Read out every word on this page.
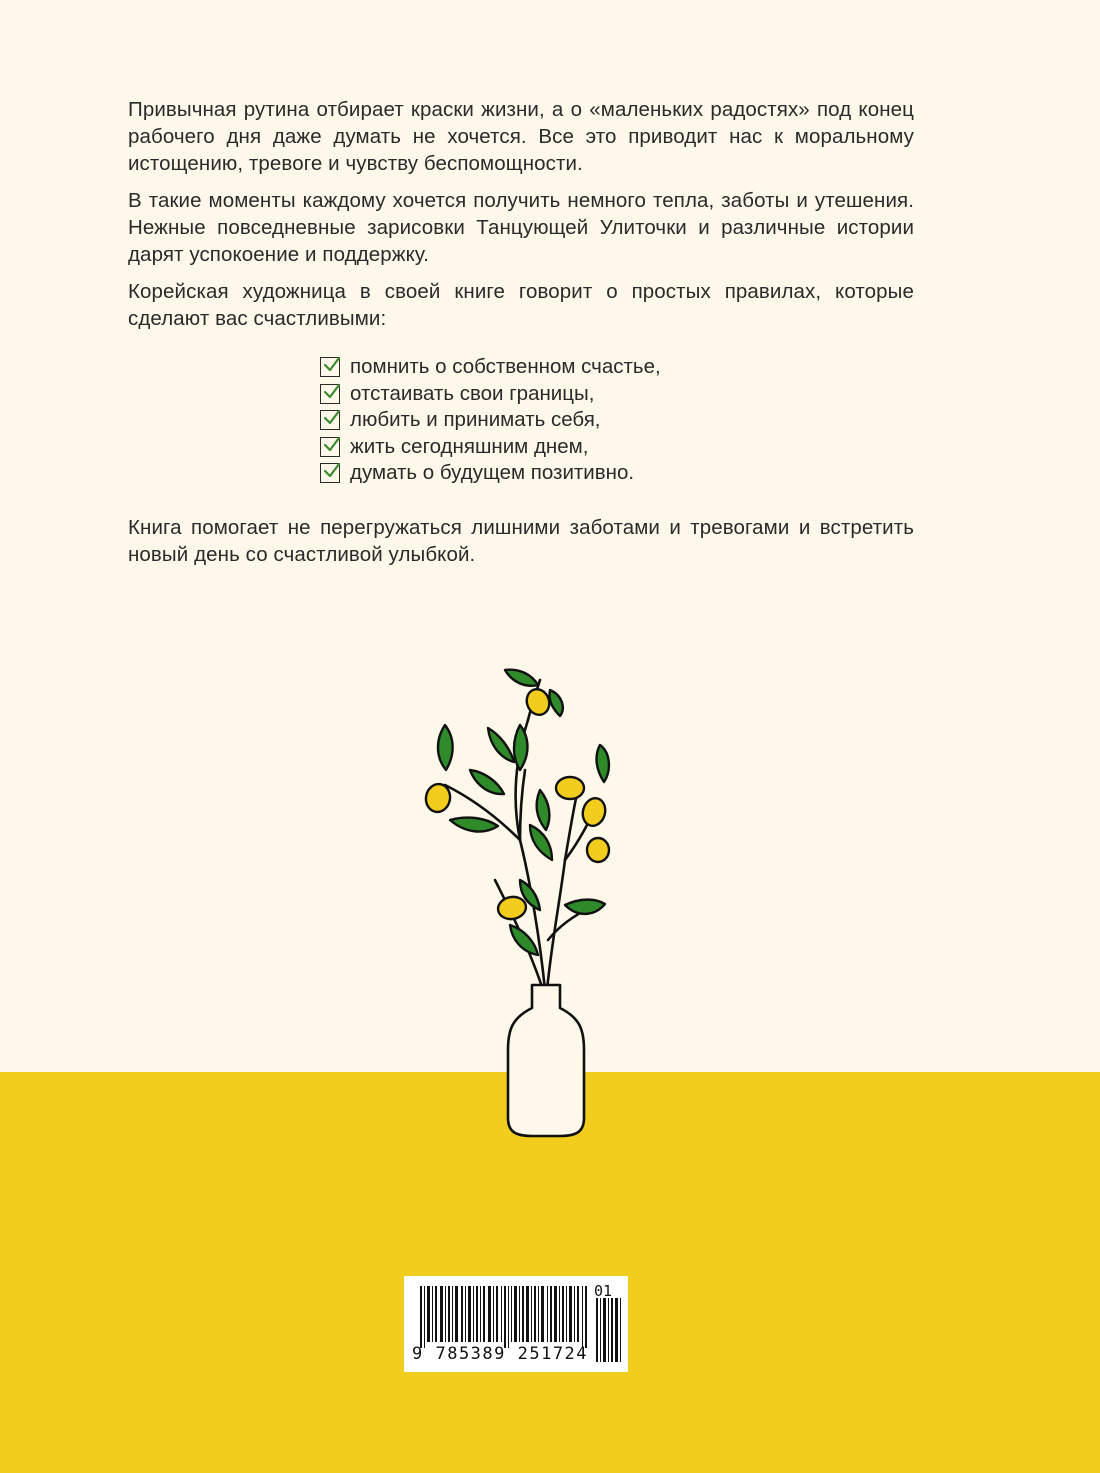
Привычная рутина отбирает краски жизни, а о «маленьких радостях» под конец рабочего дня даже думать не хочется. Все это приводит нас к моральному истощению, тревоге и чувству беспомощности.

В такие моменты каждому хочется получить немного тепла, заботы и утешения. Нежные повседневные зарисовки Танцующей Улиточки и различные истории дарят успокоение и поддержку.

Корейская художница в своей книге говорит о простых правилах, которые сделают вас счастливыми:

помнить о собственном счастье,
отстаивать свои границы,
любить и принимать себя,
жить сегодняшним днем,
думать о будущем позитивно.

Книга помогает не перегружаться лишними заботами и тревогами и встретить новый день со счастливой улыбкой.

9 785389 251724
01
